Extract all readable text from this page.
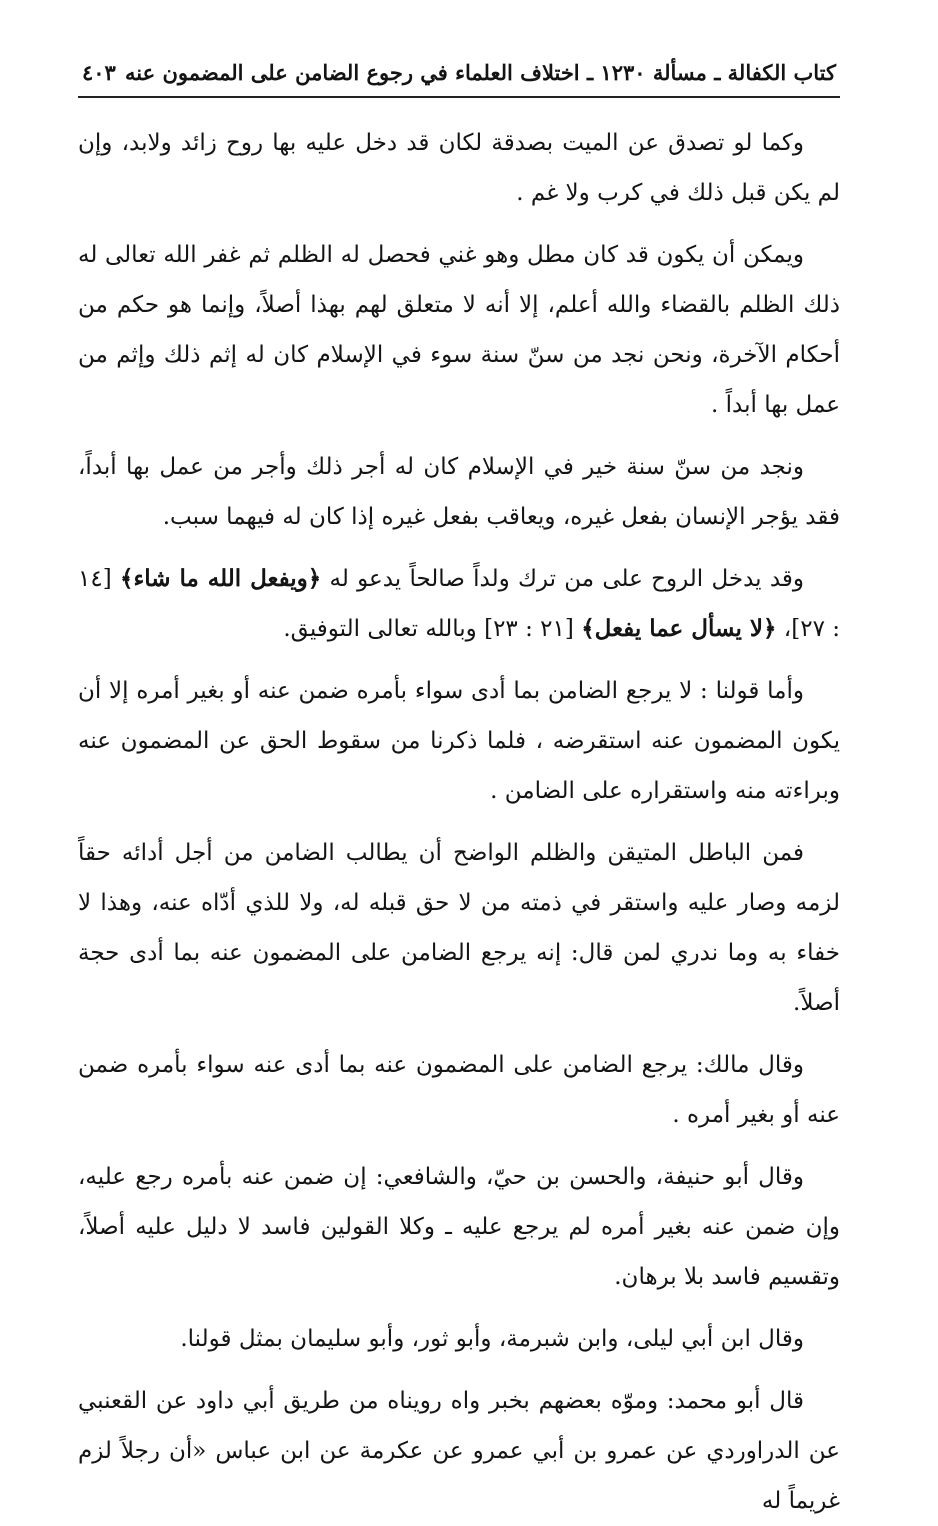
كتاب الكفالة ـ مسألة ١٢٣٠ ـ اختلاف العلماء في رجوع الضامن على المضمون عنه
٤٠٣

وكما لو تصدق عن الميت بصدقة لكان قد دخل عليه بها روح زائد ولابد، وإن لم يكن قبل ذلك في كرب ولا غم .

ويمكن أن يكون قد كان مطل وهو غني فحصل له الظلم ثم غفر الله تعالى له ذلك الظلم بالقضاء والله أعلم، إلا أنه لا متعلق لهم بهذا أصلاً، وإنما هو حكم من أحكام الآخرة، ونحن نجد من سنّ سنة سوء في الإسلام كان له إثم ذلك وإثم من عمل بها أبداً .

ونجد من سنّ سنة خير في الإسلام كان له أجر ذلك وأجر من عمل بها أبداً، فقد يؤجر الإنسان بفعل غيره، ويعاقب بفعل غيره إذا كان له فيهما سبب.

وقد يدخل الروح على من ترك ولداً صالحاً يدعو له ﴿ويفعل الله ما شاء﴾ [١٤ : ٢٧]، ﴿لا يسأل عما يفعل﴾ [٢١ : ٢٣] وبالله تعالى التوفيق.

وأما قولنا : لا يرجع الضامن بما أدى سواء بأمره ضمن عنه أو بغير أمره إلا أن يكون المضمون عنه استقرضه ، فلما ذكرنا من سقوط الحق عن المضمون عنه وبراءته منه واستقراره على الضامن .

فمن الباطل المتيقن والظلم الواضح أن يطالب الضامن من أجل أدائه حقاً لزمه وصار عليه واستقر في ذمته من لا حق قبله له، ولا للذي أدّاه عنه، وهذا لا خفاء به وما ندري لمن قال: إنه يرجع الضامن على المضمون عنه بما أدى حجة أصلاً.

وقال مالك: يرجع الضامن على المضمون عنه بما أدى عنه سواء بأمره ضمن عنه أو بغير أمره .

وقال أبو حنيفة، والحسن بن حيّ، والشافعي: إن ضمن عنه بأمره رجع عليه، وإن ضمن عنه بغير أمره لم يرجع عليه ـ وكلا القولين فاسد لا دليل عليه أصلاً، وتقسيم فاسد بلا برهان.

وقال ابن أبي ليلى، وابن شبرمة، وأبو ثور، وأبو سليمان بمثل قولنا.

قال أبو محمد: وموّه بعضهم بخبر واه رويناه من طريق أبي داود عن القعنبي عن الدراوردي عن عمرو بن أبي عمرو عن عكرمة عن ابن عباس «أن رجلاً لزم غريماً له
